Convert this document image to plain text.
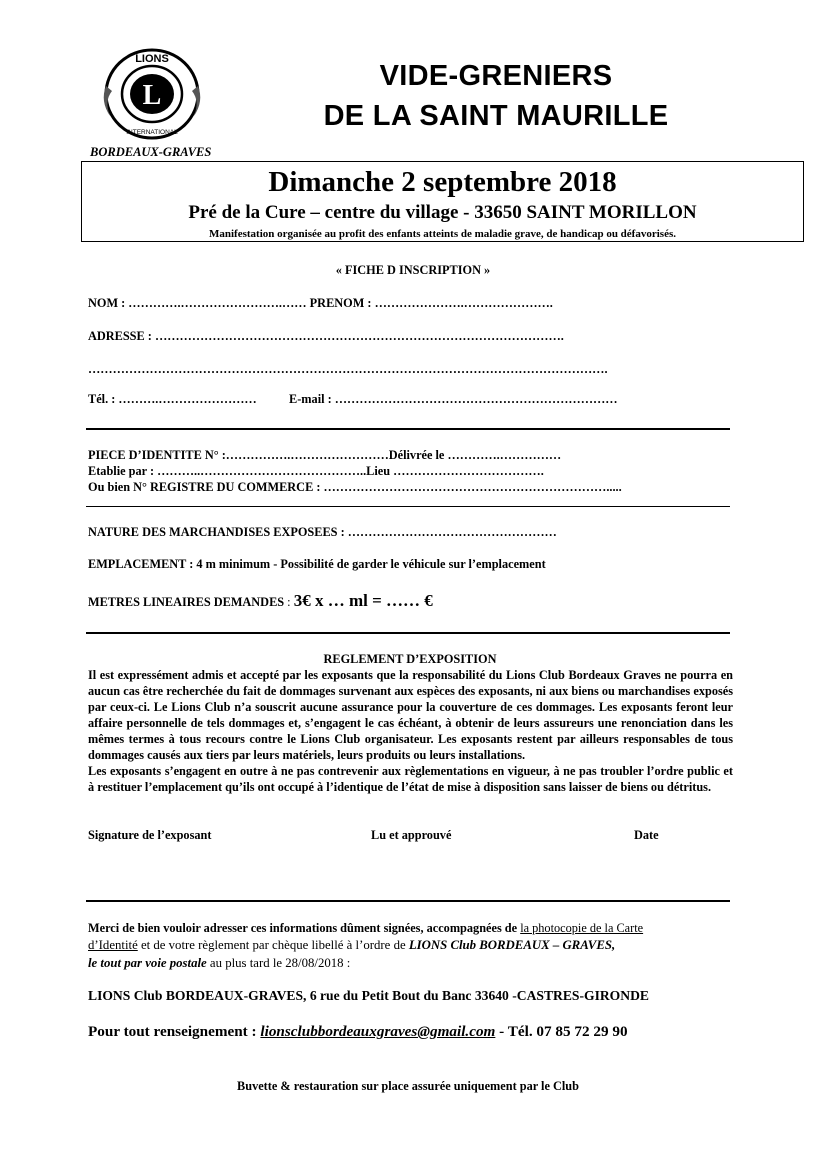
LIONS
L
INTERNATIONAL
BORDEAUX-GRAVES
VIDE-GRENIERS
DE LA SAINT MAURILLE
Dimanche 2 septembre 2018
Pré de la Cure – centre du village - 33650 SAINT MORILLON
Manifestation organisée au profit des enfants atteints de maladie grave, de handicap ou défavorisés.
« FICHE D INSCRIPTION »
NOM : ………….…………………….…… PRENOM : ………………….………………….
ADRESSE : ……………………………………………………………………………………….
……………………………………………………………………………………………………………….
Tél. : ……….……………………	E-mail : ……………………………………………………………
PIECE D’IDENTITE N° :…………….……………………Délivrée le ………….……………
Etablie par : ………..…………………………………..Lieu ……………………………….
Ou bien N° REGISTRE DU COMMERCE : …………………………………………………………….....
NATURE DES MARCHANDISES EXPOSEES : ……………………………………………
EMPLACEMENT : 4 m minimum - Possibilité de garder le véhicule sur l’emplacement
METRES LINEAIRES DEMANDES : 3€ x … ml = …… €
REGLEMENT D’EXPOSITION

Il est expressément admis et accepté par les exposants que la responsabilité du Lions Club Bordeaux Graves ne pourra en aucun cas être recherchée du fait de dommages survenant aux espèces des exposants, ni aux biens ou marchandises exposés par ceux-ci. Le Lions Club n’a souscrit aucune assurance pour la couverture de ces dommages. Les exposants feront leur affaire personnelle de tels dommages et, s’engagent le cas échéant, à obtenir de leurs assureurs une renonciation dans les mêmes termes à tous recours contre le Lions Club organisateur. Les exposants restent par ailleurs responsables de tous dommages causés aux tiers par leurs matériels, leurs produits ou leurs installations.

Les exposants s’engagent en outre à ne pas contrevenir aux règlementations en vigueur, à ne pas troubler l’ordre public et à restituer l’emplacement qu’ils ont occupé à l’identique de l’état de mise à disposition sans laisser de biens ou détritus.

Signature de l’exposant	Lu et approuvé	Date
Merci de bien vouloir adresser ces informations dûment signées, accompagnées de la photocopie de la Carte
d’Identité et de votre règlement par chèque libellé à l’ordre de LIONS Club BORDEAUX – GRAVES,
le tout par voie postale au plus tard le 28/08/2018 :
LIONS Club BORDEAUX-GRAVES, 6 rue du Petit Bout du Banc 33640 -CASTRES-GIRONDE
Pour tout renseignement : lionsclubbordeauxgraves@gmail.com - Tél. 07 85 72 29 90
Buvette & restauration sur place assurée uniquement par le Club
